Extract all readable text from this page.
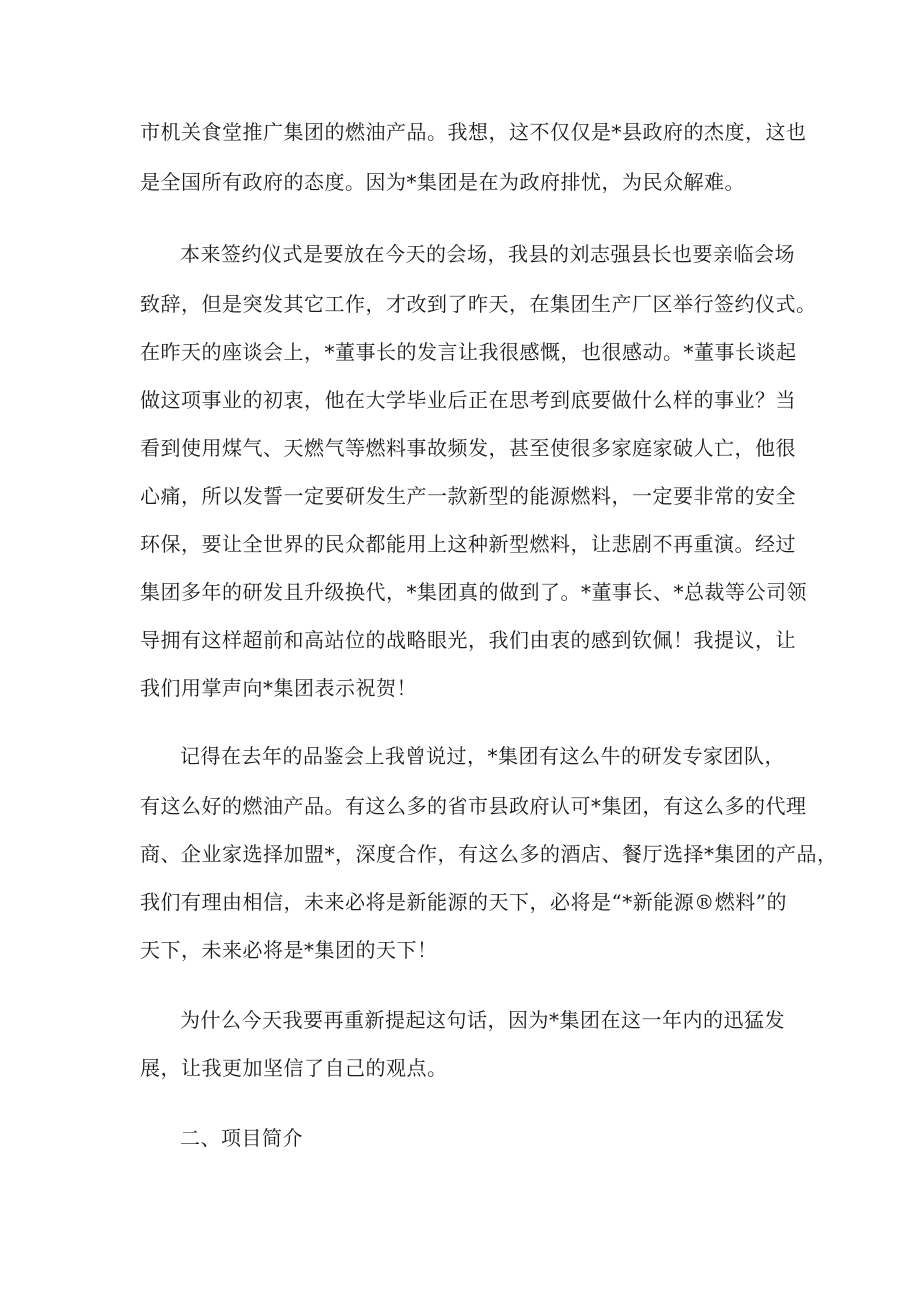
市机关食堂推广集团的燃油产品。我想，这不仅仅是*县政府的杰度，这也
是全国所有政府的态度。因为*集团是在为政府排忧，为民众解难。
本来签约仪式是要放在今天的会场，我县的刘志强县长也要亲临会场
致辞，但是突发其它工作，才改到了昨天，在集团生产厂区举行签约仪式。
在昨天的座谈会上，*董事长的发言让我很感慨，也很感动。*董事长谈起
做这项事业的初衷，他在大学毕业后正在思考到底要做什么样的事业？当
看到使用煤气、天燃气等燃料事故频发，甚至使很多家庭家破人亡，他很
心痛，所以发誓一定要研发生产一款新型的能源燃料，一定要非常的安全
环保，要让全世界的民众都能用上这种新型燃料，让悲剧不再重演。经过
集团多年的研发且升级换代，*集团真的做到了。*董事长、*总裁等公司领
导拥有这样超前和高站位的战略眼光，我们由衷的感到钦佩！我提议，让
我们用掌声向*集团表示祝贺！
记得在去年的品鉴会上我曾说过，*集团有这么牛的研发专家团队，
有这么好的燃油产品。有这么多的省市县政府认可*集团，有这么多的代理
商、企业家选择加盟*，深度合作，有这么多的酒店、餐厅选择*集团的产品，
我们有理由相信，未来必将是新能源的天下，必将是“*新能源®燃料”的
天下，未来必将是*集团的天下！
为什么今天我要再重新提起这句话，因为*集团在这一年内的迅猛发
展，让我更加坚信了自己的观点。
二、项目简介
